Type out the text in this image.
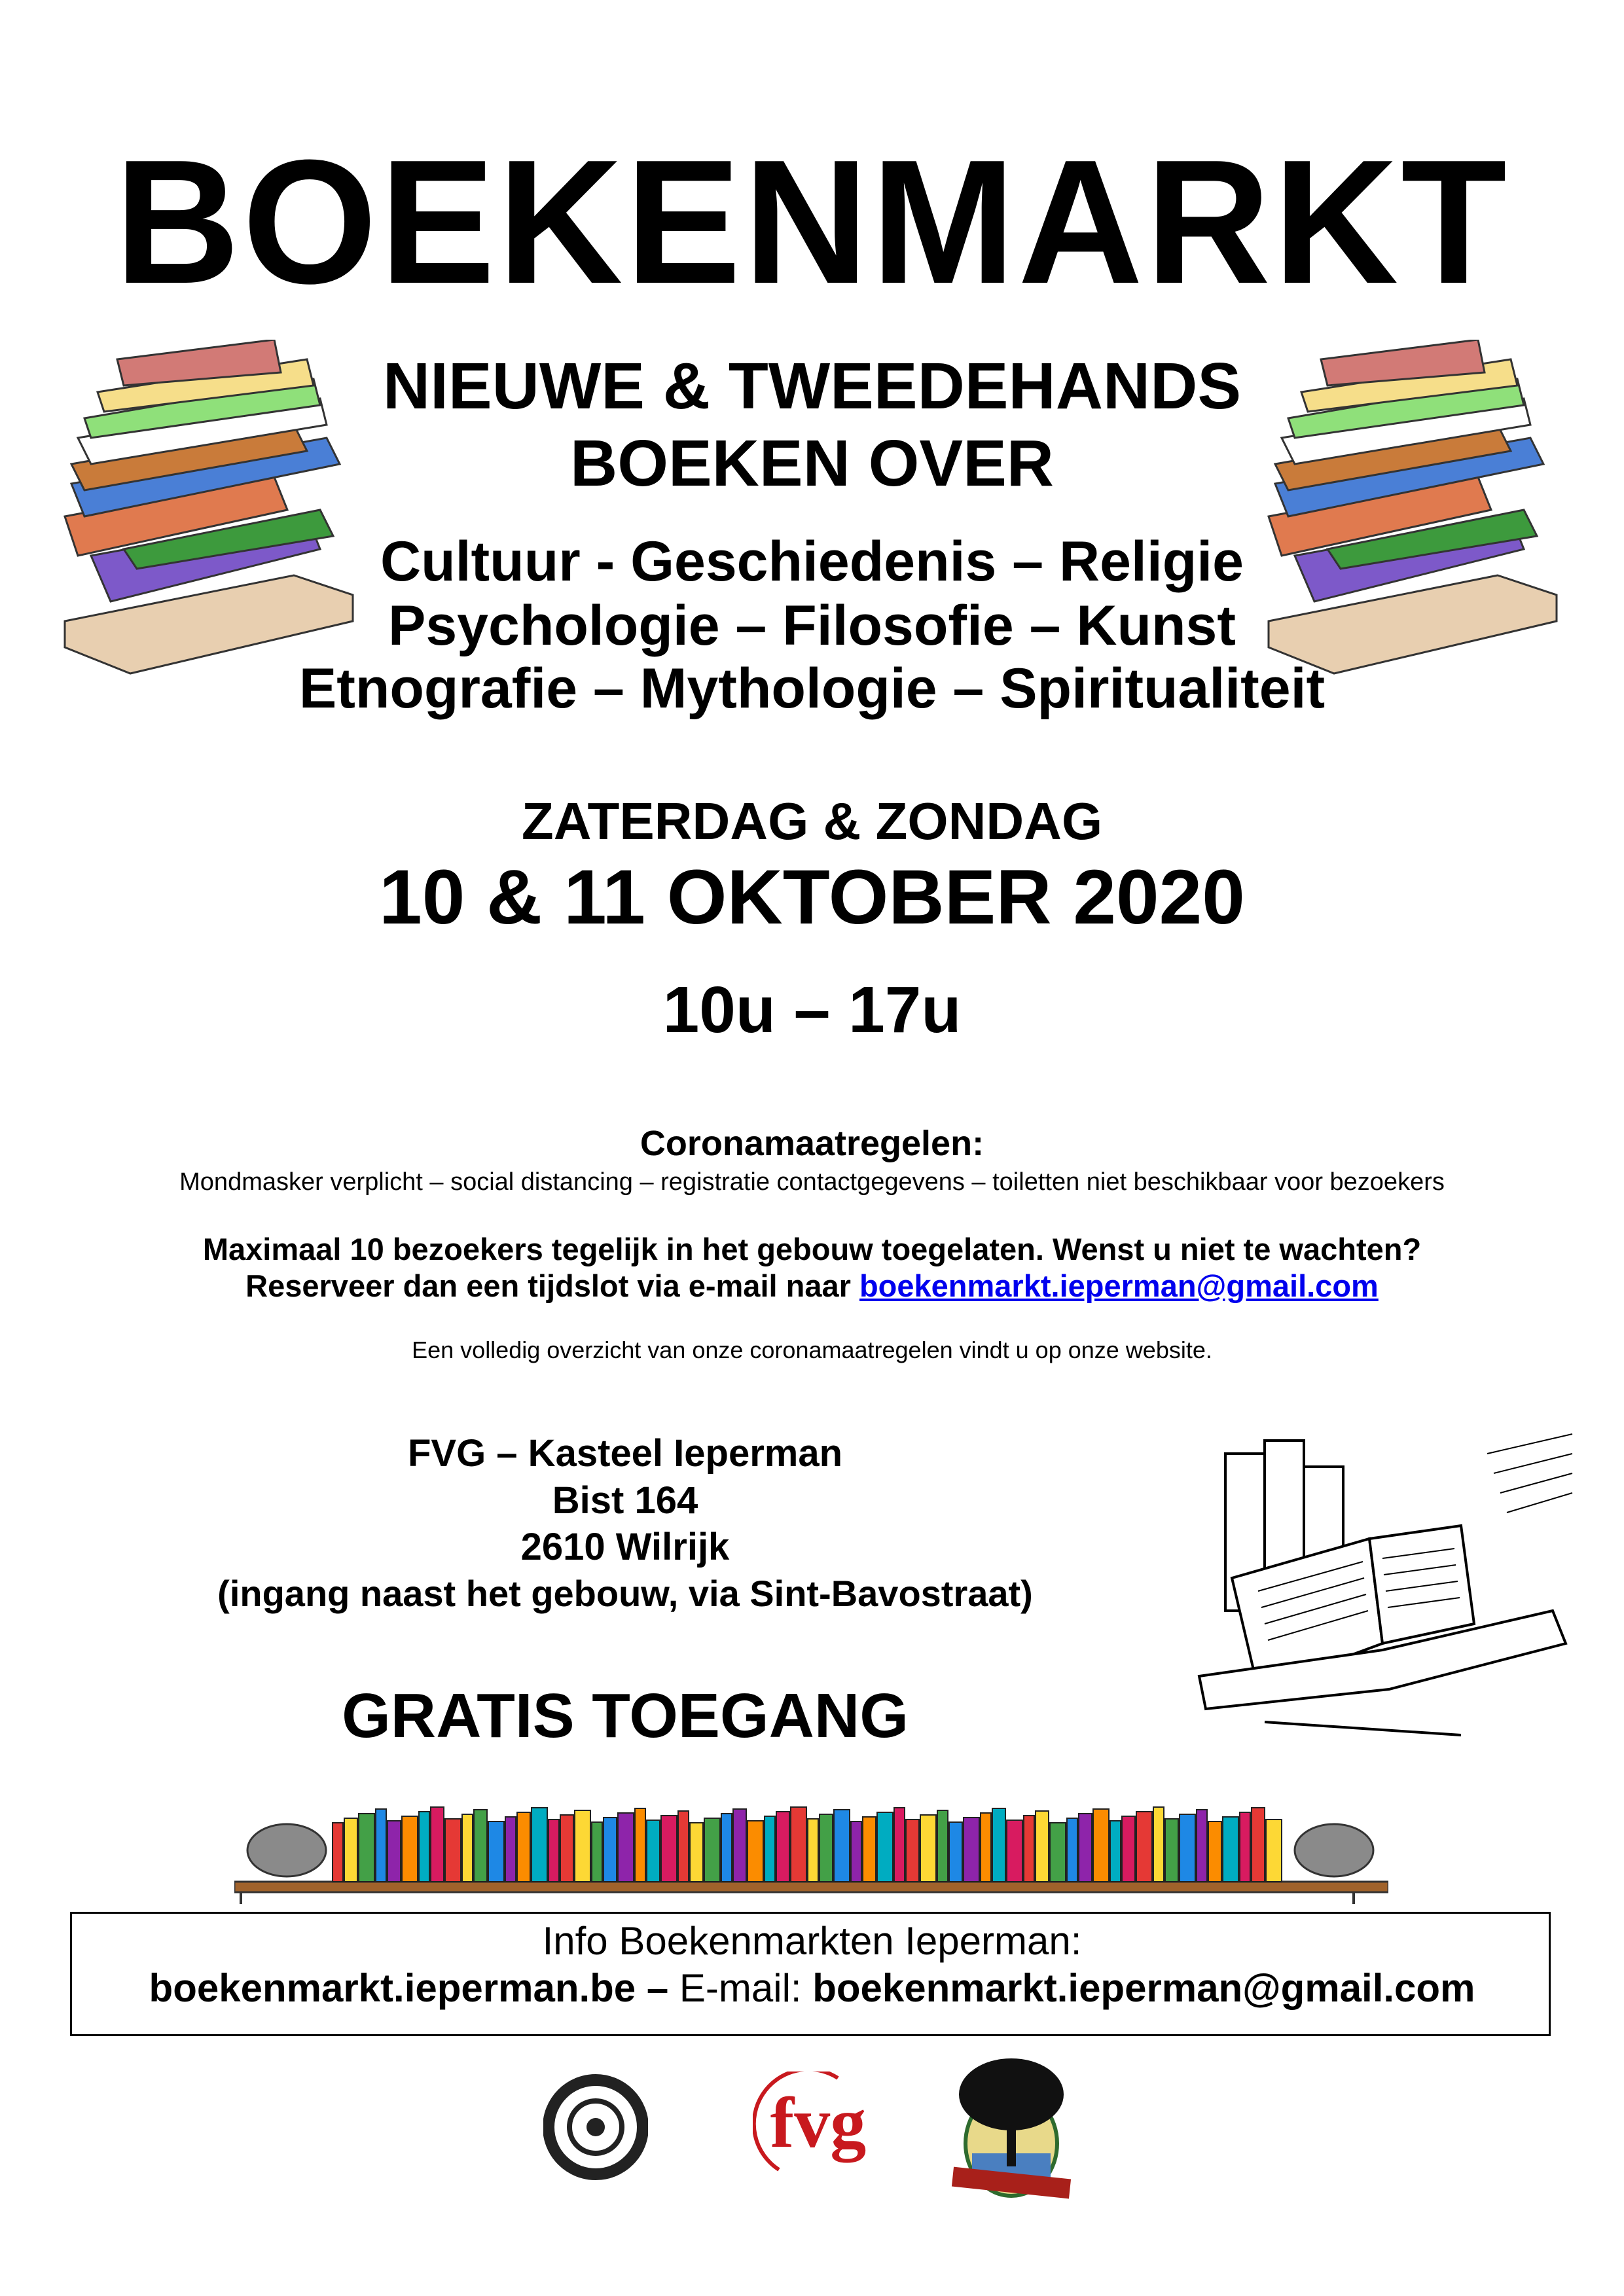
BOEKENMARKT
NIEUWE & TWEEDEHANDS
BOEKEN OVER
Cultuur - Geschiedenis – Religie
Psychologie – Filosofie – Kunst
Etnografie – Mythologie – Spiritualiteit
ZATERDAG & ZONDAG
10 & 11 OKTOBER 2020
10u – 17u
Coronamaatregelen:
Mondmasker verplicht – social distancing – registratie contactgegevens – toiletten niet beschikbaar voor bezoekers
Maximaal 10 bezoekers tegelijk in het gebouw toegelaten. Wenst u niet te wachten?
Reserveer dan een tijdslot via e-mail naar boekenmarkt.ieperman@gmail.com
Een volledig overzicht van onze coronamaatregelen vindt u op onze website.
FVG – Kasteel Ieperman
Bist 164
2610 Wilrijk
(ingang naast het gebouw, via Sint-Bavostraat)
GRATIS TOEGANG
Info Boekenmarkten Ieperman:
boekenmarkt.ieperman.be – E-mail: boekenmarkt.ieperman@gmail.com
fvg
